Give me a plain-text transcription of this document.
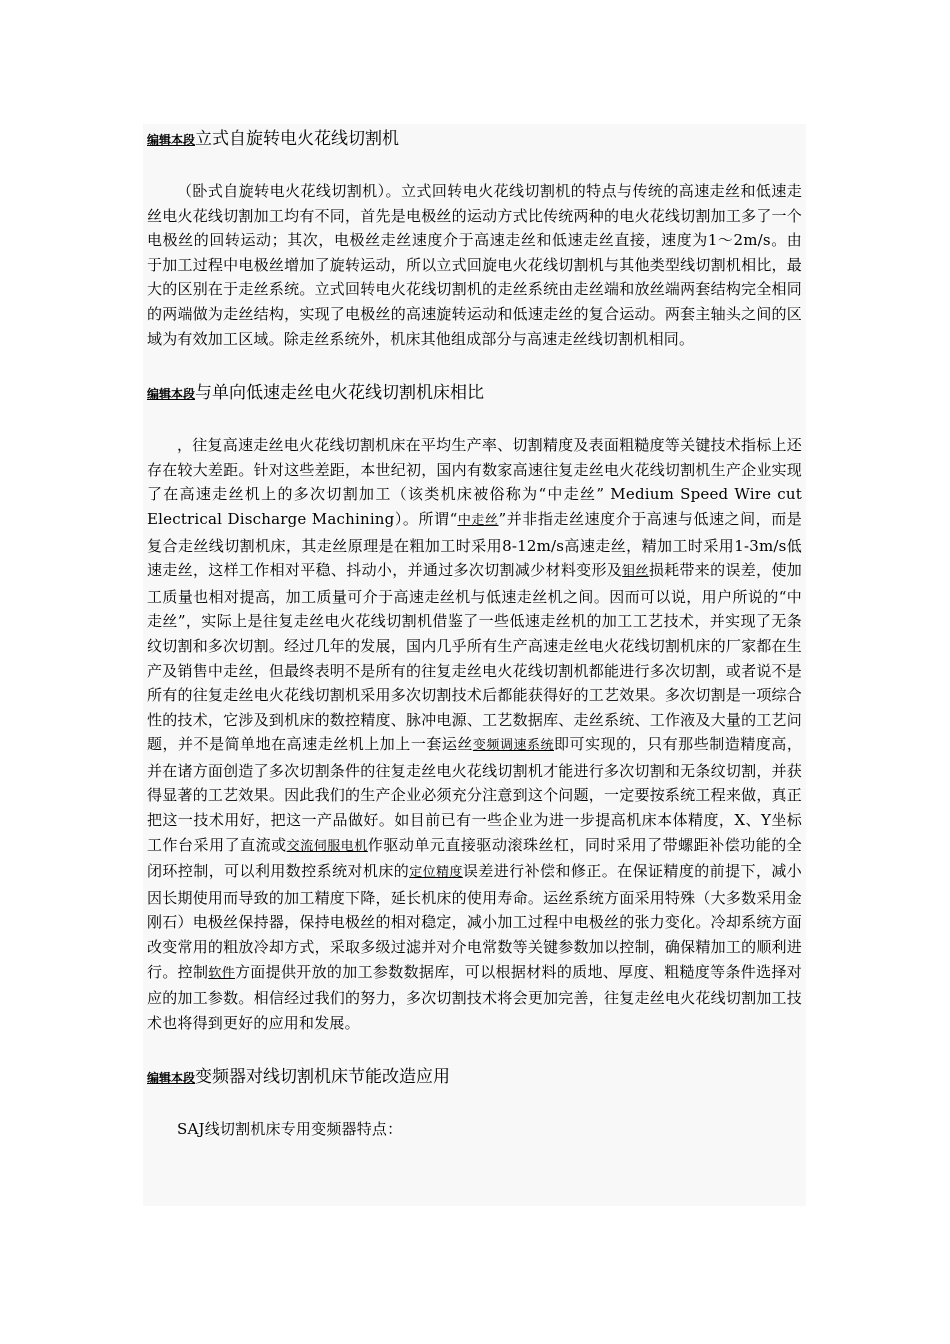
编辑本段立式自旋转电火花线切割机

（卧式自旋转电火花线切割机）。立式回转电火花线切割机的特点与传统的高速走丝和低速走丝电火花线切割加工均有不同，首先是电极丝的运动方式比传统两种的电火花线切割加工多了一个电极丝的回转运动；其次，电极丝走丝速度介于高速走丝和低速走丝直接，速度为1～2m/s。由于加工过程中电极丝增加了旋转运动，所以立式回旋电火花线切割机与其他类型线切割机相比，最大的区别在于走丝系统。立式回转电火花线切割机的走丝系统由走丝端和放丝端两套结构完全相同的两端做为走丝结构，实现了电极丝的高速旋转运动和低速走丝的复合运动。两套主轴头之间的区域为有效加工区域。除走丝系统外，机床其他组成部分与高速走丝线切割机相同。

编辑本段与单向低速走丝电火花线切割机床相比

，往复高速走丝电火花线切割机床在平均生产率、切割精度及表面粗糙度等关键技术指标上还存在较大差距。针对这些差距，本世纪初，国内有数家高速往复走丝电火花线切割机生产企业实现了在高速走丝机上的多次切割加工（该类机床被俗称为“中走丝” Medium Speed Wire cut Electrical Discharge Machining）。所谓“中走丝”并非指走丝速度介于高速与低速之间，而是复合走丝线切割机床，其走丝原理是在粗加工时采用8-12m/s高速走丝，精加工时采用1-3m/s低速走丝，这样工作相对平稳、抖动小，并通过多次切割减少材料变形及钼丝损耗带来的误差，使加工质量也相对提高，加工质量可介于高速走丝机与低速走丝机之间。因而可以说，用户所说的“中走丝”，实际上是往复走丝电火花线切割机借鉴了一些低速走丝机的加工工艺技术，并实现了无条纹切割和多次切割。经过几年的发展，国内几乎所有生产高速走丝电火花线切割机床的厂家都在生产及销售中走丝，但最终表明不是所有的往复走丝电火花线切割机都能进行多次切割，或者说不是所有的往复走丝电火花线切割机采用多次切割技术后都能获得好的工艺效果。多次切割是一项综合性的技术，它涉及到机床的数控精度、脉冲电源、工艺数据库、走丝系统、工作液及大量的工艺问题，并不是简单地在高速走丝机上加上一套运丝变频调速系统即可实现的，只有那些制造精度高，并在诸方面创造了多次切割条件的往复走丝电火花线切割机才能进行多次切割和无条纹切割，并获得显著的工艺效果。因此我们的生产企业必须充分注意到这个问题，一定要按系统工程来做，真正把这一技术用好，把这一产品做好。如目前已有一些企业为进一步提高机床本体精度，X、Y坐标工作台采用了直流或交流伺服电机作驱动单元直接驱动滚珠丝杠，同时采用了带螺距补偿功能的全闭环控制，可以利用数控系统对机床的定位精度误差进行补偿和修正。在保证精度的前提下，减小因长期使用而导致的加工精度下降，延长机床的使用寿命。运丝系统方面采用特殊（大多数采用金刚石）电极丝保持器，保持电极丝的相对稳定，减小加工过程中电极丝的张力变化。冷却系统方面改变常用的粗放冷却方式，采取多级过滤并对介电常数等关键参数加以控制，确保精加工的顺利进行。控制软件方面提供开放的加工参数数据库，可以根据材料的质地、厚度、粗糙度等条件选择对应的加工参数。相信经过我们的努力，多次切割技术将会更加完善，往复走丝电火花线切割加工技术也将得到更好的应用和发展。

编辑本段变频器对线切割机床节能改造应用

SAJ线切割机床专用变频器特点：
